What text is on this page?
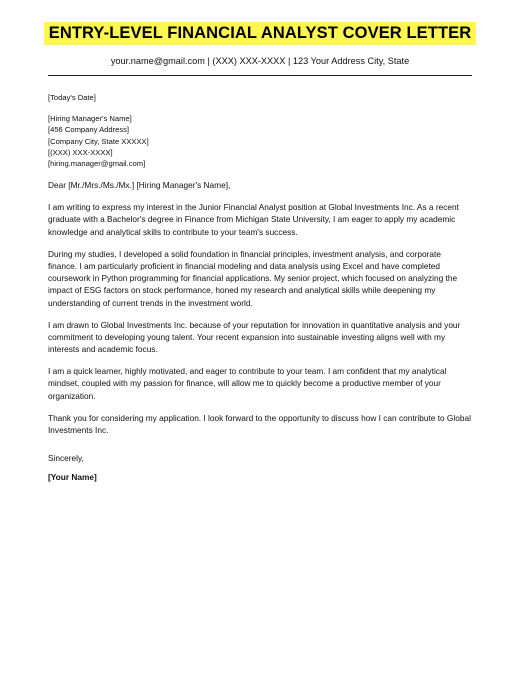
ENTRY-LEVEL FINANCIAL ANALYST COVER LETTER
your.name@gmail.com | (XXX) XXX-XXXX | 123 Your Address City, State

[Today's Date]

[Hiring Manager's Name]
[456 Company Address]
[Company City, State XXXXX]
[(XXX) XXX-XXXX]
[hiring.manager@gmail.com]

Dear [Mr./Mrs./Ms./Mx.] [Hiring Manager's Name],

I am writing to express my interest in the Junior Financial Analyst position at Global Investments Inc. As a recent graduate with a Bachelor's degree in Finance from Michigan State University, I am eager to apply my academic knowledge and analytical skills to contribute to your team's success.

During my studies, I developed a solid foundation in financial principles, investment analysis, and corporate finance. I am particularly proficient in financial modeling and data analysis using Excel and have completed coursework in Python programming for financial applications. My senior project, which focused on analyzing the impact of ESG factors on stock performance, honed my research and analytical skills while deepening my understanding of current trends in the investment world.

I am drawn to Global Investments Inc. because of your reputation for innovation in quantitative analysis and your commitment to developing young talent. Your recent expansion into sustainable investing aligns well with my interests and academic focus.

I am a quick learner, highly motivated, and eager to contribute to your team. I am confident that my analytical mindset, coupled with my passion for finance, will allow me to quickly become a productive member of your organization.

Thank you for considering my application. I look forward to the opportunity to discuss how I can contribute to Global Investments Inc.

Sincerely,

[Your Name]
